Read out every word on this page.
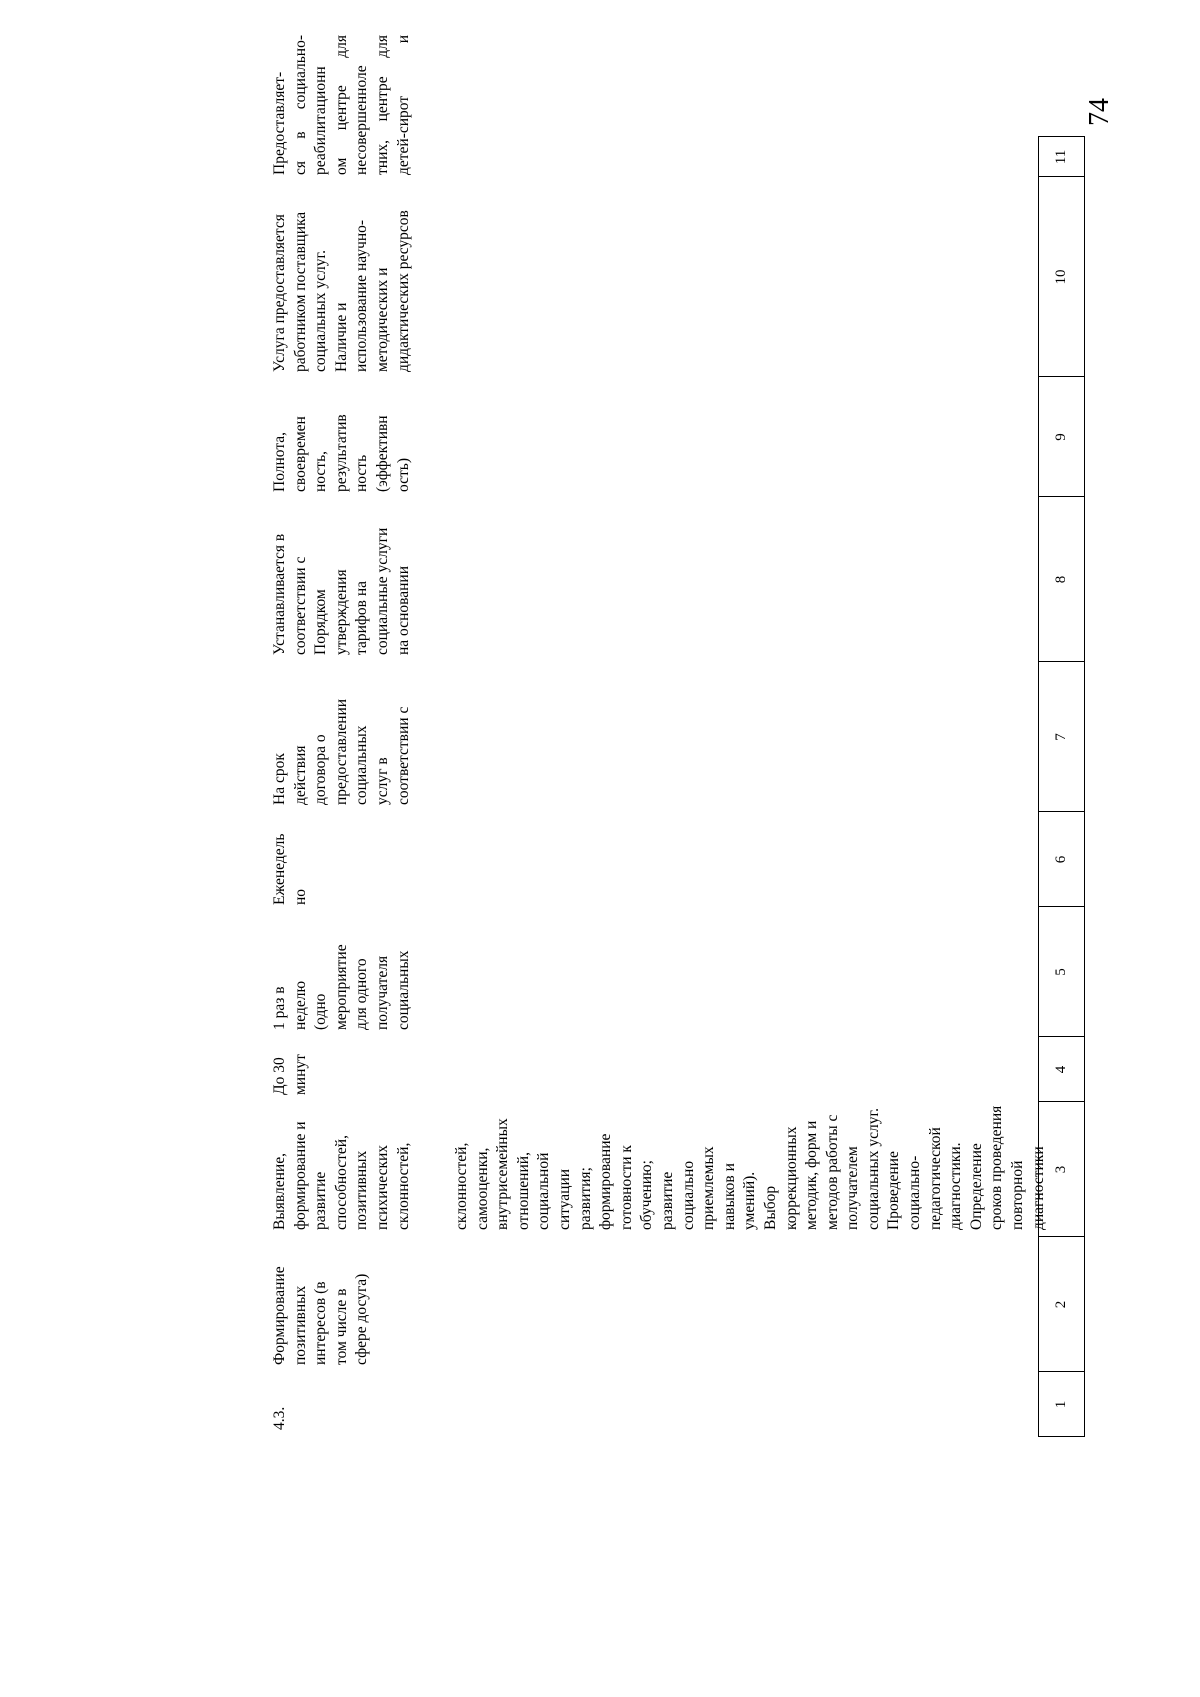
74
1
2
3
4
5
6
7
8
9
10
11
склонностей,
самооценки,
внутрисемейных
отношений,
социальной
ситуации
развития;
формирование
готовности к
обучению;
развитие
социально
приемлемых
навыков и
умений).
Выбор
коррекционных
методик, форм и
методов работы с
получателем
социальных услуг.
Проведение
социально-
педагогической
диагностики.
Определение
сроков проведения
повторной
диагностики
4.3.
Формирование
позитивных
интересов (в
том числе в
сфере досуга)
Выявление,
формирование и
развитие
способностей,
позитивных
психических
склонностей,
До 30
минут
1 раз в
неделю
(одно
мероприятие
для одного
получателя
социальных
Еженедель
но
На срок
действия
договора о
предоставлении
социальных
услуг в
соответствии с
Устанавливается в
соответствии с
Порядком
утверждения
тарифов на
социальные услуги
на основании
Полнота,
своевремен
ность,
результатив
ность
(эффективн
ость)
Услуга предоставляется
работником поставщика
социальных услуг.
Наличие и
использование научно-
методических и
дидактических ресурсов
Предоставляет-
ся в социально-
реабилитационн
ом центре для
несовершеннолe
тних, центре для
детей-сирот и
